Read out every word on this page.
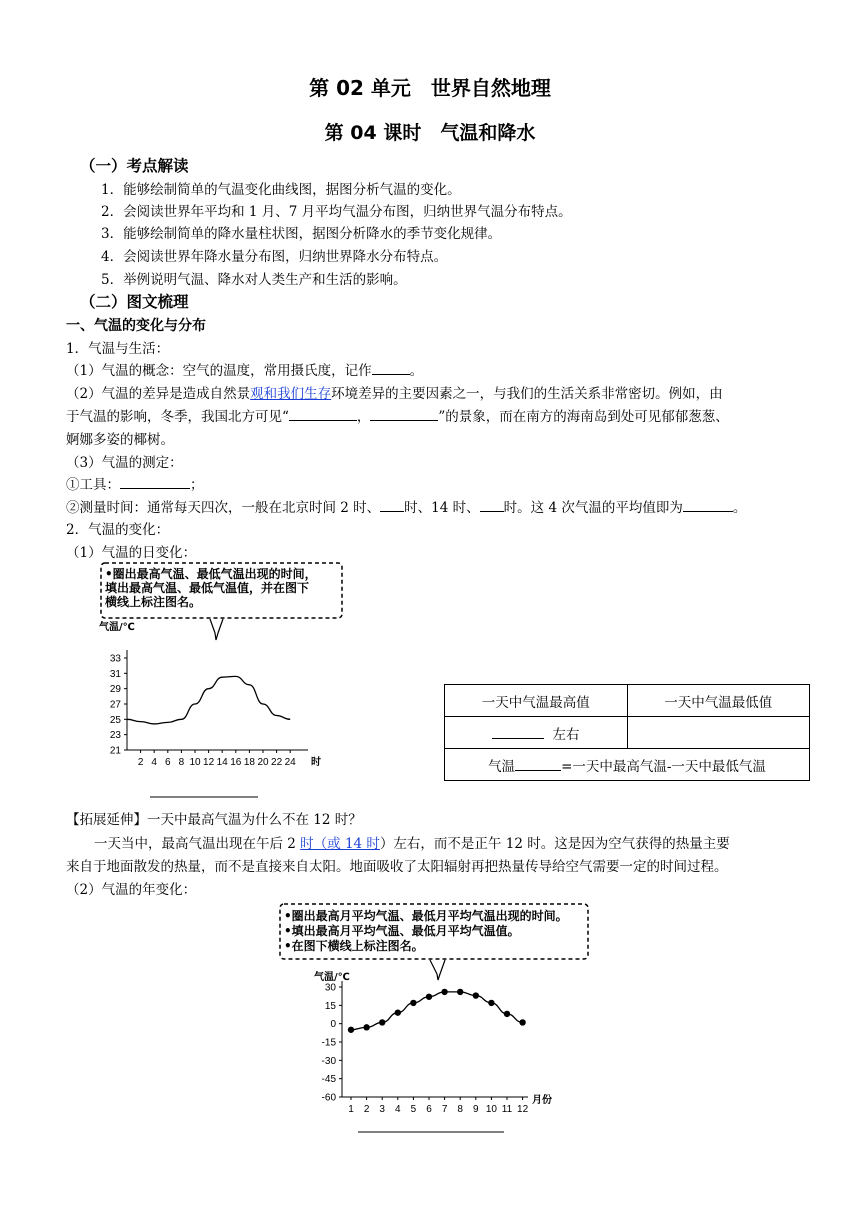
第 02 单元　世界自然地理
第 04 课时　气温和降水
（一）考点解读
1．能够绘制简单的气温变化曲线图，据图分析气温的变化。
2．会阅读世界年平均和 1 月、7 月平均气温分布图，归纳世界气温分布特点。
3．能够绘制简单的降水量柱状图，据图分析降水的季节变化规律。
4．会阅读世界年降水量分布图，归纳世界降水分布特点。
5．举例说明气温、降水对人类生产和生活的影响。
（二）图文梳理
一、气温的变化与分布
1．气温与生活：
（1）气温的概念：空气的温度，常用摄氏度，记作	。
（2）气温的差异是造成自然景观和我们生存环境差异的主要因素之一，与我们的生活关系非常密切。例如，由
于气温的影响，冬季，我国北方可见“	，	”的景象，而在南方的海南岛到处可见郁郁葱葱、
婀娜多姿的椰树。
（3）气温的测定：
①工具：	；
②测量时间：通常每天四次，一般在北京时间 2 时、 时、14 时、 时。这 4 次气温的平均值即为	。
2．气温的变化：
（1）气温的日变化：
•圈出最高气温、最低气温出现的时间，
填出最高气温、最低气温值，并在图下
横线上标注图名。
气温/℃
时
33
31
29
27
25
23
21
2 4 6 8 10 12 14 16 18 20 22 24
一天中气温最高值	一天中气温最低值
左右	
气温 =一天中最高气温-一天中最低气温	
【拓展延伸】一天中最高气温为什么不在 12 时？
一天当中，最高气温出现在午后 2 时（或 14 时）左右，而不是正午 12 时。这是因为空气获得的热量主要
来自于地面散发的热量，而不是直接来自太阳。地面吸收了太阳辐射再把热量传导给空气需要一定的时间过程。
（2）气温的年变化：
•圈出最高月平均气温、最低月平均气温出现的时间。
•填出最高月平均气温、最低月平均气温值。
•在图下横线上标注图名。
气温/℃
月份
30
15
0
-15
-30
-45
-60
1 2 3 4 5 6 7 8 9 10 11 12
